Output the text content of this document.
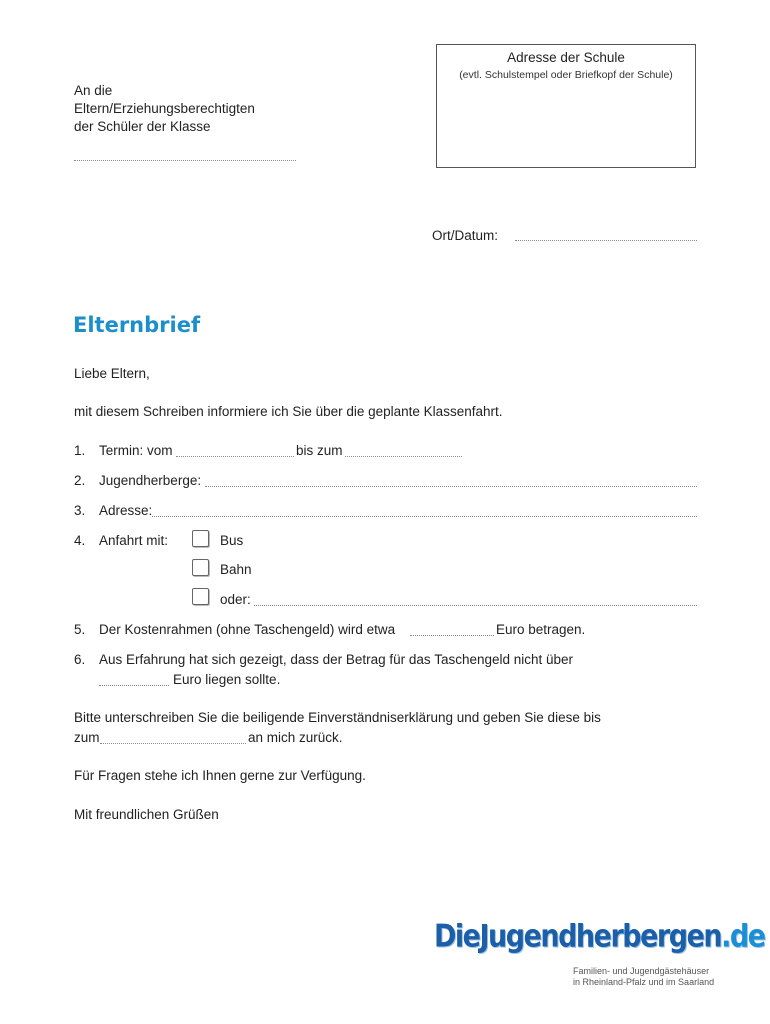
Adresse der Schule
(evtl. Schulstempel oder Briefkopf der Schule)
An die
Eltern/Erziehungsberechtigten
der Schüler der Klasse
Ort/Datum:
Elternbrief
Liebe Eltern,
mit diesem Schreiben informiere ich Sie über die geplante Klassenfahrt.
1. Termin: vom	bis zum
2. Jugendherberge:
3. Adresse:
4. Anfahrt mit:	Bus
Bahn
oder:
5. Der Kostenrahmen (ohne Taschengeld) wird etwa	Euro betragen.
6. Aus Erfahrung hat sich gezeigt, dass der Betrag für das Taschengeld nicht über
Euro liegen sollte.
Bitte unterschreiben Sie die beiligende Einverständniserklärung und geben Sie diese bis
zum	an mich zurück.
Für Fragen stehe ich Ihnen gerne zur Verfügung.
Mit freundlichen Grüßen
DieJugendherbergen.de
Familien- und Jugendgästehäuser
in Rheinland-Pfalz und im Saarland
